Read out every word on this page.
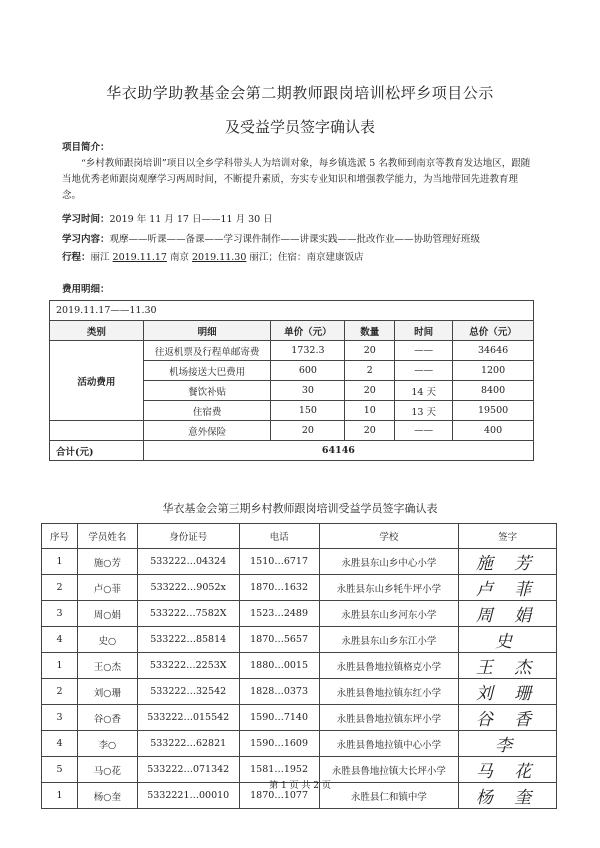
华衣助学助教基金会第二期教师跟岗培训松坪乡项目公示
及受益学员签字确认表
项目简介：
“乡村教师跟岗培训”项目以全乡学科带头人为培训对象，每乡镇选派 5 名教师到南京等教育发达地区，跟随当地优秀老师跟岗观摩学习两周时间，不断提升素质，夯实专业知识和增强教学能力，为当地带回先进教育理念。
学习时间：2019 年 11 月 17 日——11 月 30 日
学习内容：观摩——听课——备课——学习课件制作——讲课实践——批改作业——协助管理好班级
行程：丽江 2019.11.17 南京 2019.11.30 丽江；住宿：南京建康饭店
费用明细：
2019.11.17——11.30					
类别	明细	单价（元）	数量	时间	总价（元）
活动费用	往返机票及行程单邮寄费	1732.3	20	——	34646
	机场接送大巴费用	600	2	——	1200
	餐饮补贴	30	20	14 天	8400
	住宿费	150	10	13 天	19500
	意外保险	20	20	——	400
合计(元)	64146				
华衣基金会第三期乡村教师跟岗培训受益学员签字确认表
序号	学员姓名	身份证号	电话	学校	签字
1	施○芳	533222…04324	1510…6717	永胜县东山乡中心小学	施 芳
2	卢○菲	533222…9052x	1870…1632	永胜县东山乡牦牛坪小学	卢 菲
3	周○娟	533222…7582X	1523…2489	永胜县东山乡河东小学	周 娟
4	史○	533222…85814	1870…5657	永胜县东山乡东江小学	史
1	王○杰	533222…2253X	1880…0015	永胜县鲁地拉镇格克小学	王 杰
2	刘○珊	533222…32542	1828…0373	永胜县鲁地拉镇东红小学	刘 珊
3	谷○香	533222…015542	1590…7140	永胜县鲁地拉镇东坪小学	谷 香
4	李○	533222…62821	1590…1609	永胜县鲁地拉镇中心小学	李
5	马○花	533222…071342	1581…1952	永胜县鲁地拉镇大长坪小学	马 花
1	杨○奎	5332221…00010	1870…1077	永胜县仁和镇中学	杨 奎
第 1 页 共 2 页
